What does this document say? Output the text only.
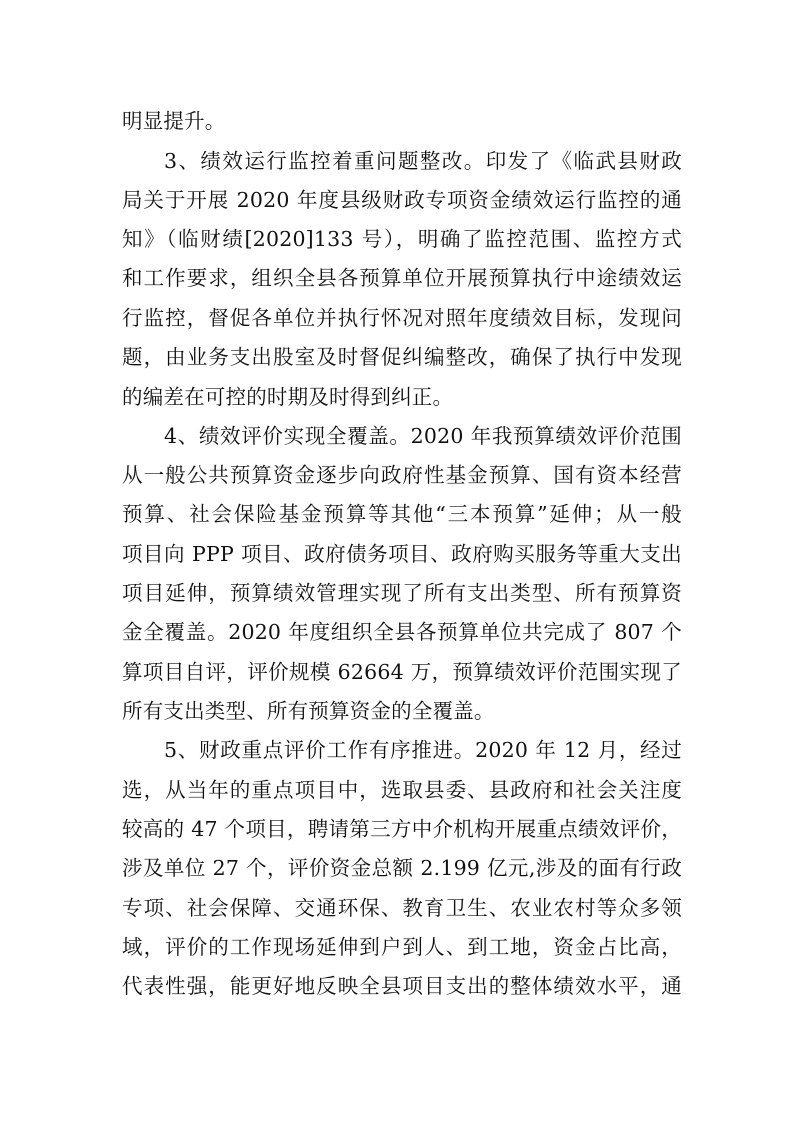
明显提升。
3、绩效运行监控着重问题整改。印发了《临武县财政
局关于开展 2020 年度县级财政专项资金绩效运行监控的通
知》（临财绩[2020]133 号），明确了监控范围、监控方式
和工作要求，组织全县各预算单位开展预算执行中途绩效运
行监控，督促各单位并执行怀况对照年度绩效目标，发现问
题，由业务支出股室及时督促纠编整改，确保了执行中发现
的编差在可控的时期及时得到纠正。
4、绩效评价实现全覆盖。2020 年我预算绩效评价范围
从一般公共预算资金逐步向政府性基金预算、国有资本经营
预算、社会保险基金预算等其他“三本预算”延伸；从一般
项目向 PPP 项目、政府债务项目、政府购买服务等重大支出
项目延伸，预算绩效管理实现了所有支出类型、所有预算资
金全覆盖。2020 年度组织全县各预算单位共完成了 807 个
算项目自评，评价规模 62664 万，预算绩效评价范围实现了
所有支出类型、所有预算资金的全覆盖。
5、财政重点评价工作有序推进。2020 年 12 月，经过
选，从当年的重点项目中，选取县委、县政府和社会关注度
较高的 47 个项目，聘请第三方中介机构开展重点绩效评价，
涉及单位 27 个，评价资金总额 2.199 亿元,涉及的面有行政
专项、社会保障、交通环保、教育卫生、农业农村等众多领
域，评价的工作现场延伸到户到人、到工地，资金占比高，
代表性强，能更好地反映全县项目支出的整体绩效水平，通
